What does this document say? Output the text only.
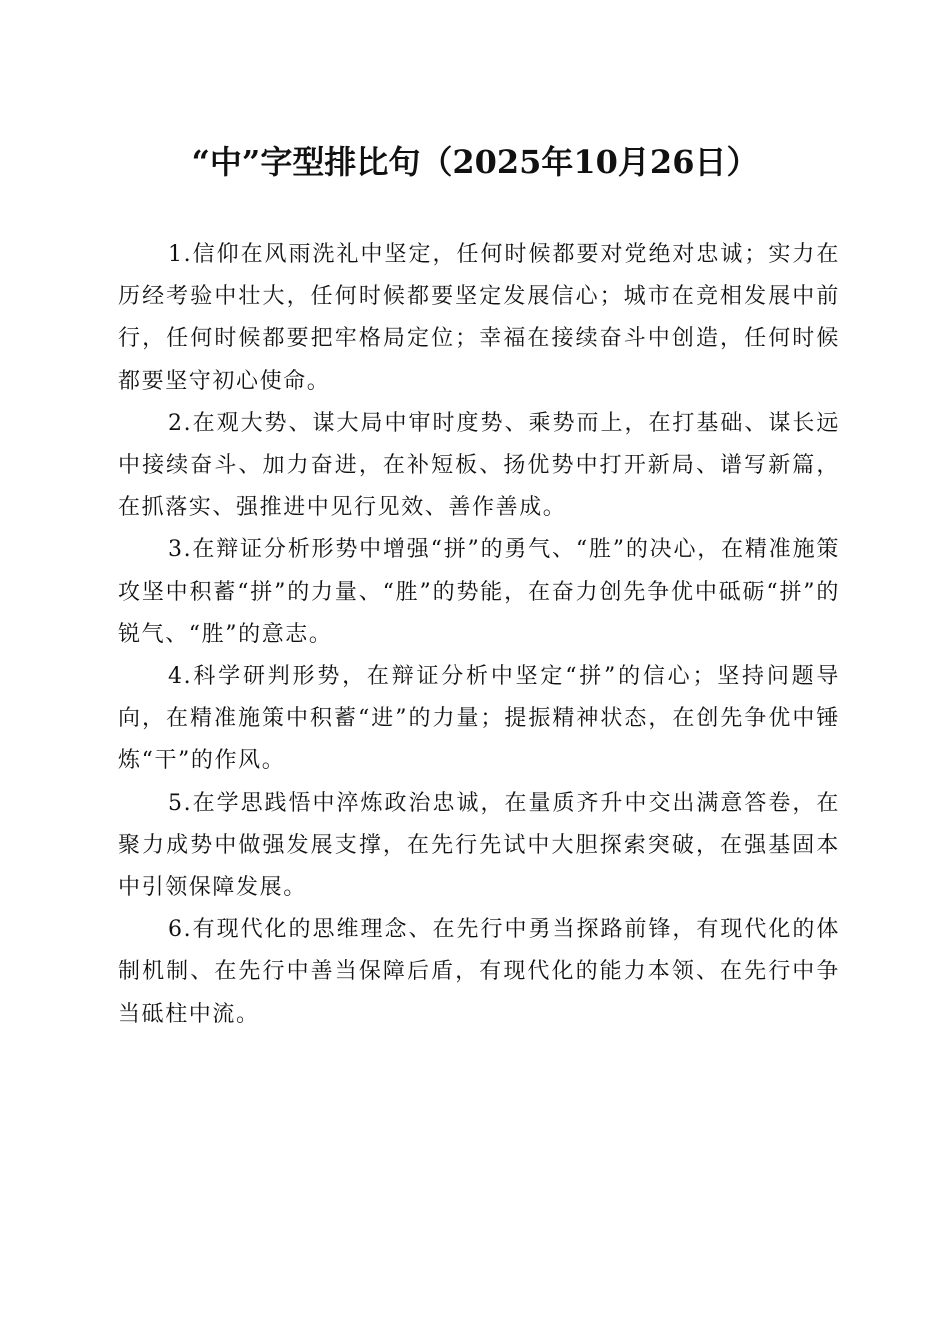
“中”字型排比句（2025年10月26日）

1.信仰在风雨洗礼中坚定，任何时候都要对党绝对忠诚；实力在历经考验中壮大，任何时候都要坚定发展信心；城市在竞相发展中前行，任何时候都要把牢格局定位；幸福在接续奋斗中创造，任何时候都要坚守初心使命。

2.在观大势、谋大局中审时度势、乘势而上，在打基础、谋长远中接续奋斗、加力奋进，在补短板、扬优势中打开新局、谱写新篇，在抓落实、强推进中见行见效、善作善成。

3.在辩证分析形势中增强“拼”的勇气、“胜”的决心，在精准施策攻坚中积蓄“拼”的力量、“胜”的势能，在奋力创先争优中砥砺“拼”的锐气、“胜”的意志。

4.科学研判形势，在辩证分析中坚定“拼”的信心；坚持问题导向，在精准施策中积蓄“进”的力量；提振精神状态，在创先争优中锤炼“干”的作风。

5.在学思践悟中淬炼政治忠诚，在量质齐升中交出满意答卷，在聚力成势中做强发展支撑，在先行先试中大胆探索突破，在强基固本中引领保障发展。

6.有现代化的思维理念、在先行中勇当探路前锋，有现代化的体制机制、在先行中善当保障后盾，有现代化的能力本领、在先行中争当砥柱中流。
